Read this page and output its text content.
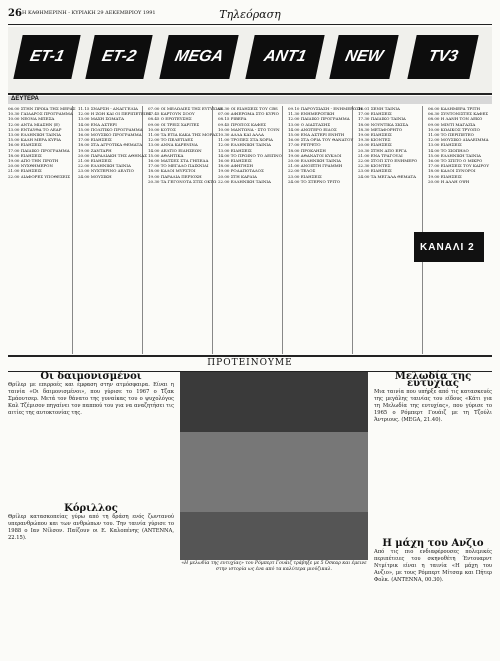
26 Η ΚΑΘΗΜΕΡΙΝΗ - ΚΥΡΙΑΚΗ 29 ΔΕΚΕΜΒΡΙΟΥ 1991	Τηλεόραση
ET-1	ET-2	MEGA	ANT1	NEW	TV3
ΔΕΥΤΕΡΑ
06.00 ΣΤΗΝ ΠΡΩΙΑ ΤΗΣ ΜΕΡΑΣ
10.30 ΓΑΙΔΑΡΟΣ ΠΡΟΓΡΑΜΜΑ
10.00 ΝΕΟΝΑ ΜΠΕΣΑ
12.00 ΑΝΤΑ ΜΙΑΣΗΝ (Ε)
13.00 ΕΝΤΑΥΘΑ ΤΟ ΛΕΑΡ
13.00 ΕΛΛΗΝΙΚΗ ΤΑΙΝΙΑ
15.00 ΚΑΛΗ ΜΕΡΑ ΚΥΡΙΑ
16.00 ΕΙΔΗΣΕΙΣ
17.00 ΠΑΙΔΙΚΟ ΠΡΟΓΡΑΜΜΑ
18.00 ΕΙΔΗΣΕΙΣ
19.00 ΑΠΟ ΤΗΝ ΠΡΩΤΗ
20.00 ΝΥΧΘΗΜΕΡΟΝ
21.00 ΕΙΔΗΣΕΙΣ
22.00 ΔΙΑΦΟΡΕΣ ΥΠΟΘΕΣΕΙΣ
11.15 ΣΝΑΡΣΗ - ΑΝΑΓΓΕΛΙΑ
12.00 Η ΖΩΗ ΚΑΙ ΟΙ ΠΕΡΙΠΕΤΕΙΕΣ
13.00 ΜΑΧΗ ΣΩΜΑΤΑ
14.00 ΕΝΑ ΑΣΤΕΡΙ
15.00 ΠΟΛΙΤΙΚΟ ΠΡΟΓΡΑΜΜΑ
16.00 ΜΟΥΣΙΚΟ ΠΡΟΓΡΑΜΜΑ
17.00 ΕΙΔΗΣΕΙΣ
18.00 ΣΤΑ ΑΓΡΟΤΙΚΑ ΘΕΜΑΤΑ
19.00 ΖΑΝΤΑΡΗ
20.00 ΠΑΡΑΛΙΑΚΗ ΤΗΣ ΑΘΗΝΑΣ
21.00 ΕΙΔΗΣΕΙΣ
22.00 ΕΛΛΗΝΙΚΗ ΤΑΙΝΙΑ
23.00 ΝΥΧΤΕΡΙΝΟ ΔΕΛΤΙΟ
24.00 ΜΟΥΣΙΚΗ
07.00 ΟΙ ΜΕΛΩΔΙΕΣ ΤΗΣ ΕΥΤΥΧΙΑΣ
07.45 ΚΑΡΤΟΥΝ ΣΟΟΥ
08.45 Ο ΕΡΩΤΕΥΣΗΣ
09.00 ΟΙ ΤΡΕΙΣ ΧΑΡΙΤΕΣ
10.00 ΚΟΤΟΣ
11.00 ΤΑ ΕΤΙΑ ΚΑΚΑ ΤΗΣ ΜΟΡΑΣ
12.00 ΤΟ ΠΕΛΕΤΙΔΕΣ
13.00 ΑΝΝΑ ΚΑΡΕΝΙΝΑ
14.00 ΔΕΛΤΙΟ ΕΙΔΗΣΕΩΝ
15.00 ΑΘΛΗΤΙΚΑ
16.00 ΜΑΤΣΕΣ ΣΤΑ ΓΗΠΕΔΑ
17.00 ΤΟ ΜΕΓΑΛΟ ΠΑΙΧΝΙΔΙ
18.00 ΚΑΛΟΙ ΜΥΡΣΤΟΙ
19.00 ΠΑΡΑΛΙΑ ΠΕΡΙΟΧΗ
20.30 ΤΑ ΓΕΓΟΝΟΤΑ ΣΤΙΣ ΟΚΤΩ
06.30 ΟΙ ΕΙΔΗΣΕΙΣ ΤΟΥ CBS
07.00 ΑΦΙΕΡΩΜΑ ΣΤΟ ΚΥΡΙΟ
08.15 ΡΙΒΕΡΑ
09.45 ΠΡΟΠΟΣ ΚΑΦΕΣ
10.00 ΜΑΝΤΩΝΑ - ΣΤΟ ΤΟΥΝ
10.30 ΑΛΛΑ ΚΑΙ ΑΛΛΑ
11.00 ΤΡΟΠΕΣ ΣΤΑ ΧΩΡΙΑ
12.00 ΕΛΛΗΝΙΚΗ ΤΑΙΝΙΑ
13.00 ΕΙΔΗΣΕΙΣ
14.00 ΤΟ ΠΡΩΙΝΟ ΤΟ ΔΕΙΠΝΟ
16.00 ΕΙΔΗΣΕΙΣ
18.00 ΑΦΗΓΗΣΗ
19.00 ΡΟΔΑΠΟΤΑΛΟΣ
20.00 ΣΤΗ ΚΑΡΔΙΑ
22.00 ΕΛΛΗΝΙΚΗ ΤΑΙΝΙΑ
09.10 ΠΑΡΟΥΣΙΑΣΗ - ΕΝΗΜΕΡΩΣΗ
11.30 ΕΝΗΜΕΡΩΤΙΚΗ
12.00 ΠΑΙΔΙΚΟ ΠΡΟΓΡΑΜΜΑ
13.00 Ο ΔΙΑΣΤΑΣΗΣ
14.00 ΑΝΩΤΕΡΟ ΕΙΔΟΣ
15.00 ΕΝΑ ΑΣΤΕΡΙ ΕΝΗΤΗ
16.00 ΣΤΑ ΟΡΙΑ ΤΟΥ ΘΑΝΑΤΟΥ
17.00 ΡΕΤΡΕΤΟ
18.00 ΠΡΟΚΛΗΣΗ
19.00 ΑΘΑΝΑΤΟΙ ΚΥΚΛΟΙ
20.00 ΕΛΛΗΝΙΚΗ ΤΑΙΝΙΑ
21.00 ΑΝΟΙΞΤΗ ΓΡΑΜΜΗ
22.00 ΤΕΛΟΣ
23.00 ΕΙΔΗΣΕΙΣ
24.00 ΤΟ ΣΤΕΡΝΟ ΤΡΙΤΟ
16.01 ΣΕΝΗ ΤΑΙΝΙΑ
17.00 ΕΙΔΗΣΕΙΣ
17.30 ΠΑΙΔΙΚΟ ΤΑΙΝΙΑ
18.00 ΝΟΥΝΤΙΚΑ ΣΚΙΣΑ
18.30 ΜΕΤΑΦΟΡΗΤΟ
19.00 ΕΙΔΗΣΕΙΣ
19.30 ΚΙΟΝΤΕΣ
20.00 ΕΙΔΗΣΕΙΣ
20.30 ΣΤΗΝ ΑΠΟ ΕΡΓΑ
21.00 ΕΝΑ ΤΡΑΓΟΥΔΙ
22.00 ΣΤΟΠ ΣΤΟ ΕΝΗΜΕΡΟ
22.30 ΚΙΟΝΤΕΣ
23.00 ΕΙΔΗΣΕΙΣ
24.00 ΤΑ ΜΕΓΑΛΑ ΘΕΜΑΤΑ
06.00 ΚΑΛΗΜΕΡΑ ΤΡΙΤΗ
06.30 ΣΥΝΤΟΝΙΣΤΕΣ ΚΑΦΕΣ
08.00 Η ΛΑΝΗ ΤΟΝ ΔΕΚΟ
09.00 ΜΙΝΤΙ ΜΑΓΑΖΙΑ
10.00 ΚΩΔΙΚΟΣ ΤΡΥΟΠΟ
11.00 ΤΟ ΠΕΡΙΠΕΤΕΟ
12.00 ΜΟΥΣΙΚΟ ΔΙΑΛΕΙΜΜΑ
13.00 ΕΙΔΗΣΕΙΣ
14.00 ΤΟ ΣΙΩΠΗΛΟ
15.00 ΕΛΛΗΝΙΚΗ ΤΑΙΝΙΑ
16.00 ΤΟ ΣΠΙΤΟ Ο ΜΙΚΡΟ
17.00 ΕΙΔΗΣΕΙΣ ΤΟΥ ΚΑΙΡΟΥ
18.00 ΚΑΛΟΙ ΣΥΝΟΡΟΙ
19.00 ΕΙΔΗΣΕΙΣ
20.00 Η ΑΛΛΗ ΟΨΗ
ΚΑΝΑΛΙ 2
ΠΡΟΤΕΙΝΟΥΜΕ
Οι δαιμονισμένοι
Θρίλερ με επιρροές και έμφαση στην ατμόσφαιρα. Είναι η ταινία «Οι δαιμονισμένοι», που γύρισε το 1967 ο Τζακ Σμάουτσερ. Μετά τον θάνατο της γυναίκας του ο ψυχολόγος Καλ Τζέμισον πηγαίνει τον παππού του για να αναζητήσει τις αιτίες της αυτοκτονίας της.
Κόριλλος
Θρίλερ κατασκοπείας γύρω από τη δράση ενός ζωντανού υπερανθρώπου και των ανθρώπων του. Την ταινία γύρισε το 1988 ο Ιαν Νίλσον. Παίζουν οι Ε. Καλοπένης (ANTENNA, 22.15).
«Η μελωδία της ευτυχίας» του Ρόμπερτ Γουάιζ τράβηξε με 5 Όσκαρ και έμεινε στην ιστορία ως ένα από τα καλύτερα μιούζικαλ.
Μελωδία της ευτυχίας
Μια ταινία που υπήρξε από τις κατασκευές της μεγάλης ταινίας του είδους «Κάτι για τη Μελωδία της ευτυχίας», που γύρισε το 1965 ο Ρόμπερτ Γουάιζ με τη Τζούλι Άντριους. (MEGA, 21.40).
Η μάχη του Ανζιο
Από τις πιο ενδιαφέρουσες πολεμικές περιπέτειες του σκηνοθέτη Έντουαρντ Ντμίτρικ είναι η ταινία «Η μάχη του Ανζιο», με τους Ρόμπερτ Μίτσαμ και Πήτερ Φολκ. (ANTENNA, 00.30).
